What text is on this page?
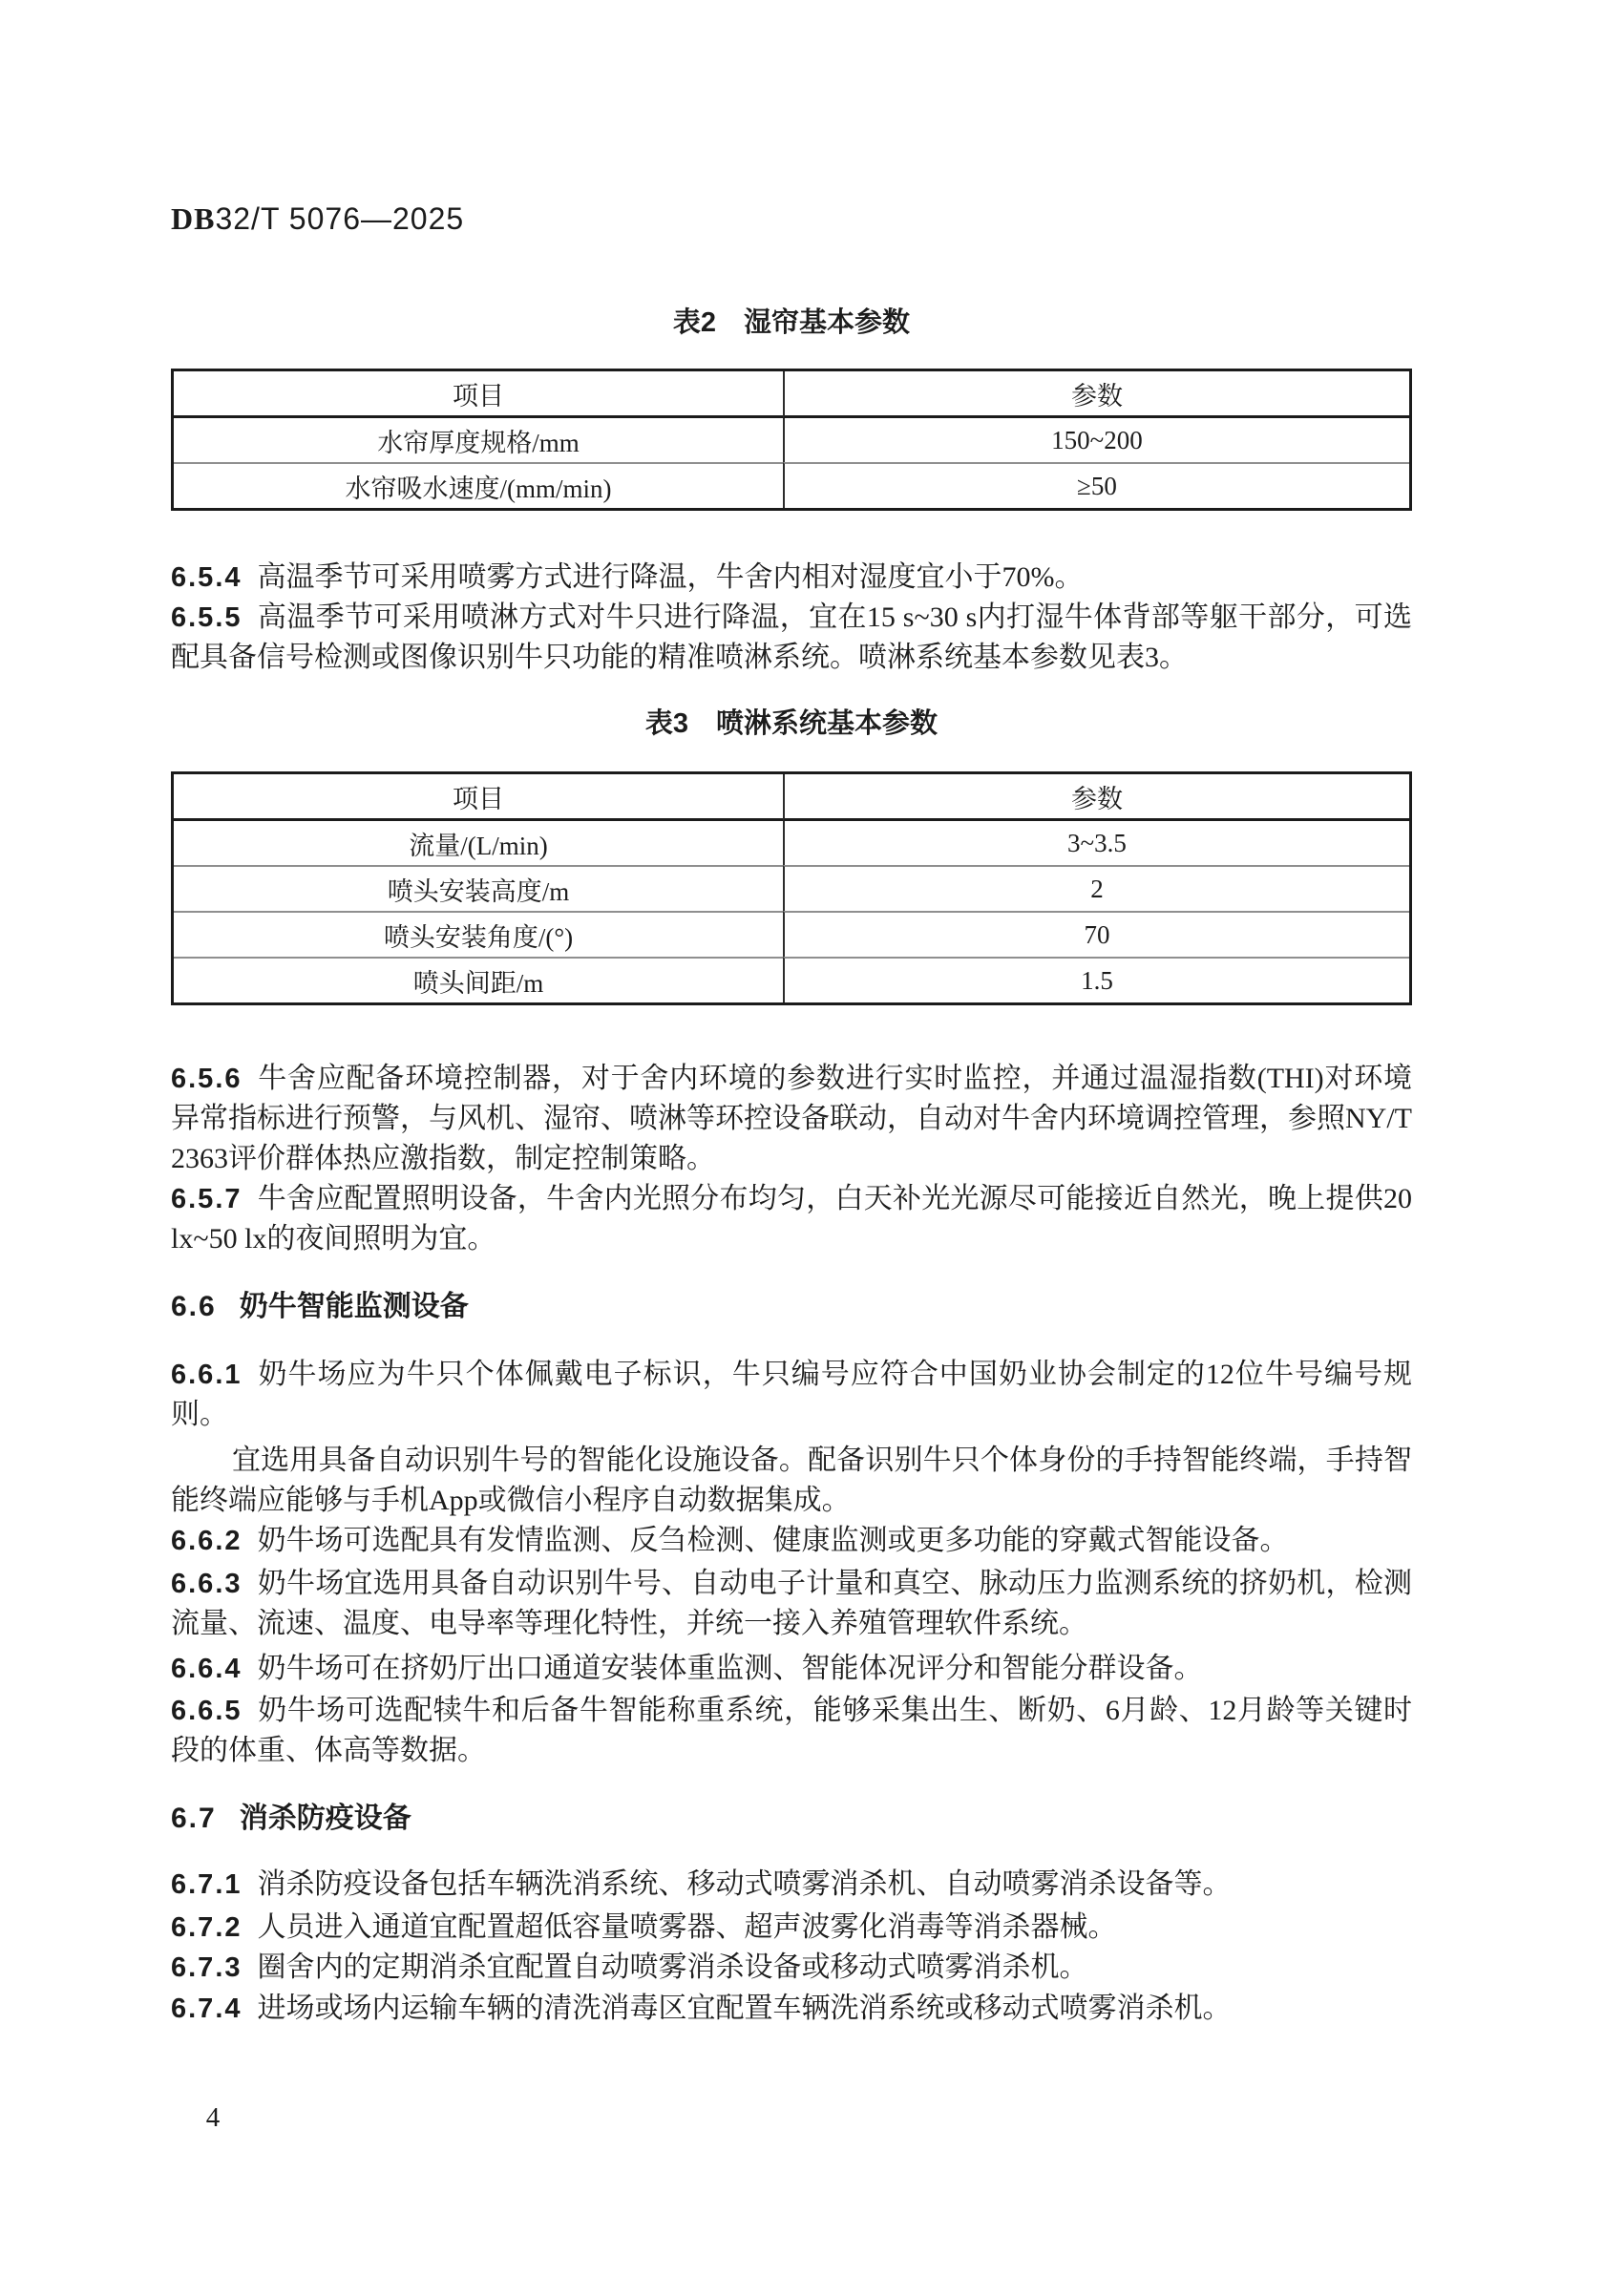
DB32/T 5076—2025
表2　湿帘基本参数
项目	参数
水帘厚度规格/mm	150~200
水帘吸水速度/(mm/min)	≥50

6.5.4 高温季节可采用喷雾方式进行降温，牛舍内相对湿度宜小于70%。

6.5.5 高温季节可采用喷淋方式对牛只进行降温，宜在15 s~30 s内打湿牛体背部等躯干部分，可选配具备信号检测或图像识别牛只功能的精准喷淋系统。喷淋系统基本参数见表3。

表3　喷淋系统基本参数
项目	参数
流量/(L/min)	3~3.5
喷头安装高度/m	2
喷头安装角度/(°)	70
喷头间距/m	1.5

6.5.6 牛舍应配备环境控制器，对于舍内环境的参数进行实时监控，并通过温湿指数(THI)对环境异常指标进行预警，与风机、湿帘、喷淋等环控设备联动，自动对牛舍内环境调控管理，参照NY/T 2363评价群体热应激指数，制定控制策略。

6.5.7 牛舍应配置照明设备，牛舍内光照分布均匀，白天补光光源尽可能接近自然光，晚上提供20 lx~50 lx的夜间照明为宜。

6.6 奶牛智能监测设备

6.6.1 奶牛场应为牛只个体佩戴电子标识，牛只编号应符合中国奶业协会制定的12位牛号编号规则。

宜选用具备自动识别牛号的智能化设施设备。配备识别牛只个体身份的手持智能终端，手持智能终端应能够与手机App或微信小程序自动数据集成。

6.6.2 奶牛场可选配具有发情监测、反刍检测、健康监测或更多功能的穿戴式智能设备。

6.6.3 奶牛场宜选用具备自动识别牛号、自动电子计量和真空、脉动压力监测系统的挤奶机，检测流量、流速、温度、电导率等理化特性，并统一接入养殖管理软件系统。

6.6.4 奶牛场可在挤奶厅出口通道安装体重监测、智能体况评分和智能分群设备。

6.6.5 奶牛场可选配犊牛和后备牛智能称重系统，能够采集出生、断奶、6月龄、12月龄等关键时段的体重、体高等数据。

6.7 消杀防疫设备

6.7.1 消杀防疫设备包括车辆洗消系统、移动式喷雾消杀机、自动喷雾消杀设备等。

6.7.2 人员进入通道宜配置超低容量喷雾器、超声波雾化消毒等消杀器械。

6.7.3 圈舍内的定期消杀宜配置自动喷雾消杀设备或移动式喷雾消杀机。

6.7.4 进场或场内运输车辆的清洗消毒区宜配置车辆洗消系统或移动式喷雾消杀机。

4
